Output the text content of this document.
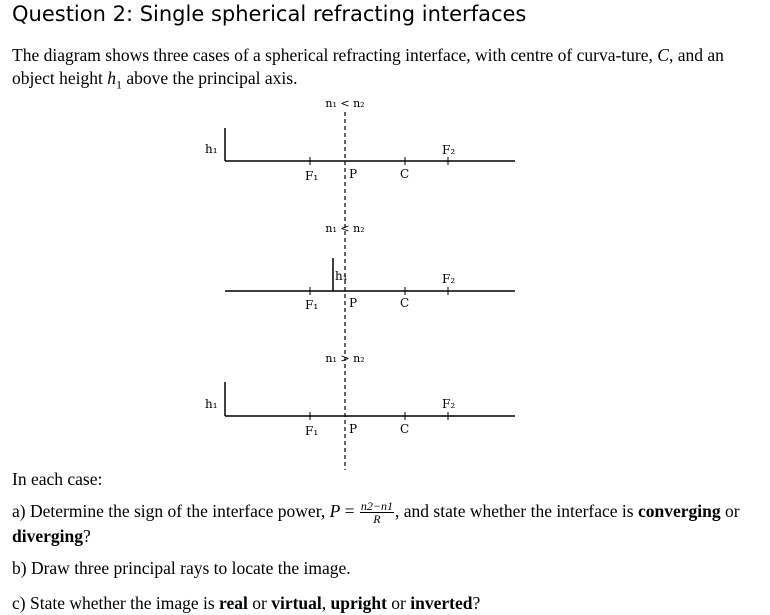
Question 2: Single spherical refracting interfaces

The diagram shows three cases of a spherical refracting interface, with centre of curva-ture, C, and an object height $h_1$ above the principal axis.

n₁ < n₂
h₁
F₁	P	C
F₂
n₁ < n₂
h₁
F₁	P	C
F₂
n₁ > n₂
h₁
F₁	P	C
F₂

In each case:

a) Determine the sign of the interface power, $P = \frac{n2-n1}{R}$ , and state whether the interface is converging or diverging?

b) Draw three principal rays to locate the image.

c) State whether the image is real or virtual, upright or inverted?
